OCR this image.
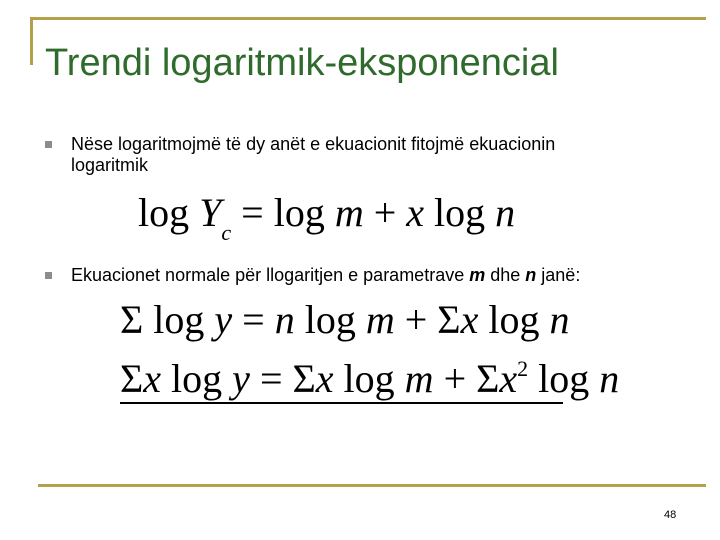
Trendi logaritmik-eksponencial
Nëse logaritmojmë të dy anët e ekuacionit fitojmë ekuacionin
logaritmik
$\log Y_c = \log m + x$ log n
Ekuacionet normale për llogaritjen e parametrave m dhe n janë:
Σ log y = n log m + Σx log n
Σx log y = Σx $\log m + \Sigma x^2$ log n
48
